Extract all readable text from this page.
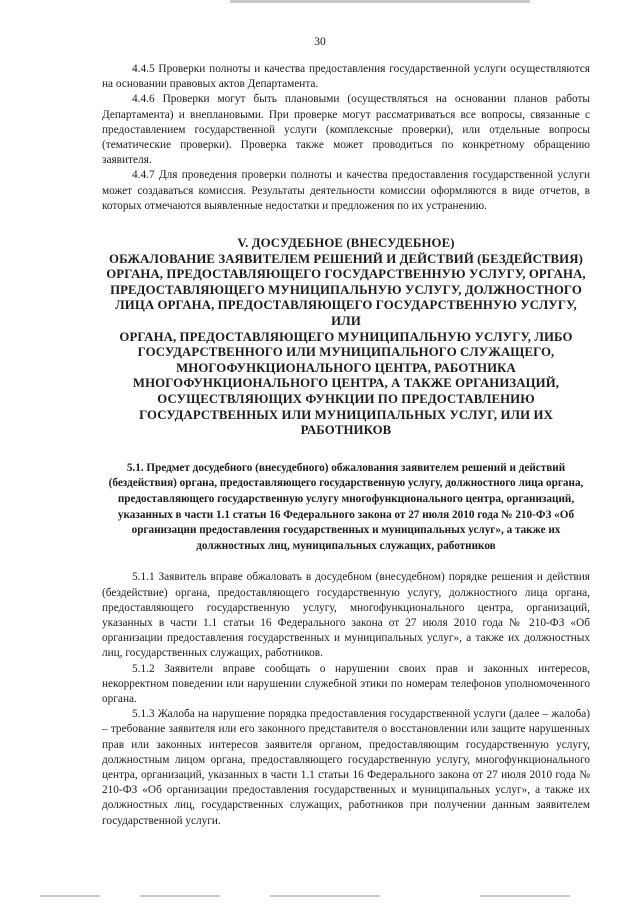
30

4.4.5 Проверки полноты и качества предоставления государственной услуги осуществляются на основании правовых актов Департамента.

4.4.6 Проверки могут быть плановыми (осуществляться на основании планов работы Департамента) и внеплановыми. При проверке могут рассматриваться все вопросы, связанные с предоставлением государственной услуги (комплексные проверки), или отдельные вопросы (тематические проверки). Проверка также может проводиться по конкретному обращению заявителя.

4.4.7 Для проведения проверки полноты и качества предоставления государственной услуги может создаваться комиссия. Результаты деятельности комиссии оформляются в виде отчетов, в которых отмечаются выявленные недостатки и предложения по их устранению.

V. ДОСУДЕБНОЕ (ВНЕСУДЕБНОЕ)
ОБЖАЛОВАНИЕ ЗАЯВИТЕЛЕМ РЕШЕНИЙ И ДЕЙСТВИЙ (БЕЗДЕЙСТВИЯ)
ОРГАНА, ПРЕДОСТАВЛЯЮЩЕГО ГОСУДАРСТВЕННУЮ УСЛУГУ, ОРГАНА,
ПРЕДОСТАВЛЯЮЩЕГО МУНИЦИПАЛЬНУЮ УСЛУГУ, ДОЛЖНОСТНОГО
ЛИЦА ОРГАНА, ПРЕДОСТАВЛЯЮЩЕГО ГОСУДАРСТВЕННУЮ УСЛУГУ, ИЛИ
ОРГАНА, ПРЕДОСТАВЛЯЮЩЕГО МУНИЦИПАЛЬНУЮ УСЛУГУ, ЛИБО
ГОСУДАРСТВЕННОГО ИЛИ МУНИЦИПАЛЬНОГО СЛУЖАЩЕГО,
МНОГОФУНКЦИОНАЛЬНОГО ЦЕНТРА, РАБОТНИКА
МНОГОФУНКЦИОНАЛЬНОГО ЦЕНТРА, А ТАКЖЕ ОРГАНИЗАЦИЙ,
ОСУЩЕСТВЛЯЮЩИХ ФУНКЦИИ ПО ПРЕДОСТАВЛЕНИЮ
ГОСУДАРСТВЕННЫХ ИЛИ МУНИЦИПАЛЬНЫХ УСЛУГ, ИЛИ ИХ
РАБОТНИКОВ
5.1. Предмет досудебного (внесудебного) обжалования заявителем решений и действий (бездействия) органа, предоставляющего государственную услугу, должностного лица органа, предоставляющего государственную услугу многофункционального центра, организаций, указанных в части 1.1 статьи 16 Федерального закона от 27 июля 2010 года № 210-ФЗ «Об организации предоставления государственных и муниципальных услуг», а также их должностных лиц, муниципальных служащих, работников

5.1.1 Заявитель вправе обжаловать в досудебном (внесудебном) порядке решения и действия (бездействие) органа, предоставляющего государственную услугу, должностного лица органа, предоставляющего государственную услугу, многофункционального центра, организаций, указанных в части 1.1 статьи 16 Федерального закона от 27 июля 2010 года № 210-ФЗ «Об организации предоставления государственных и муниципальных услуг», а также их должностных лиц, государственных служащих, работников.

5.1.2 Заявители вправе сообщать о нарушении своих прав и законных интересов, некорректном поведении или нарушении служебной этики по номерам телефонов уполномоченного органа.

5.1.3 Жалоба на нарушение порядка предоставления государственной услуги (далее – жалоба) – требование заявителя или его законного представителя о восстановлении или защите нарушенных прав или законных интересов заявителя органом, предоставляющим государственную услугу, должностным лицом органа, предоставляющего государственную услугу, многофункционального центра, организаций, указанных в части 1.1 статьи 16 Федерального закона от 27 июля 2010 года № 210-ФЗ «Об организации предоставления государственных и муниципальных услуг», а также их должностных лиц, государственных служащих, работников при получении данным заявителем государственной услуги.
